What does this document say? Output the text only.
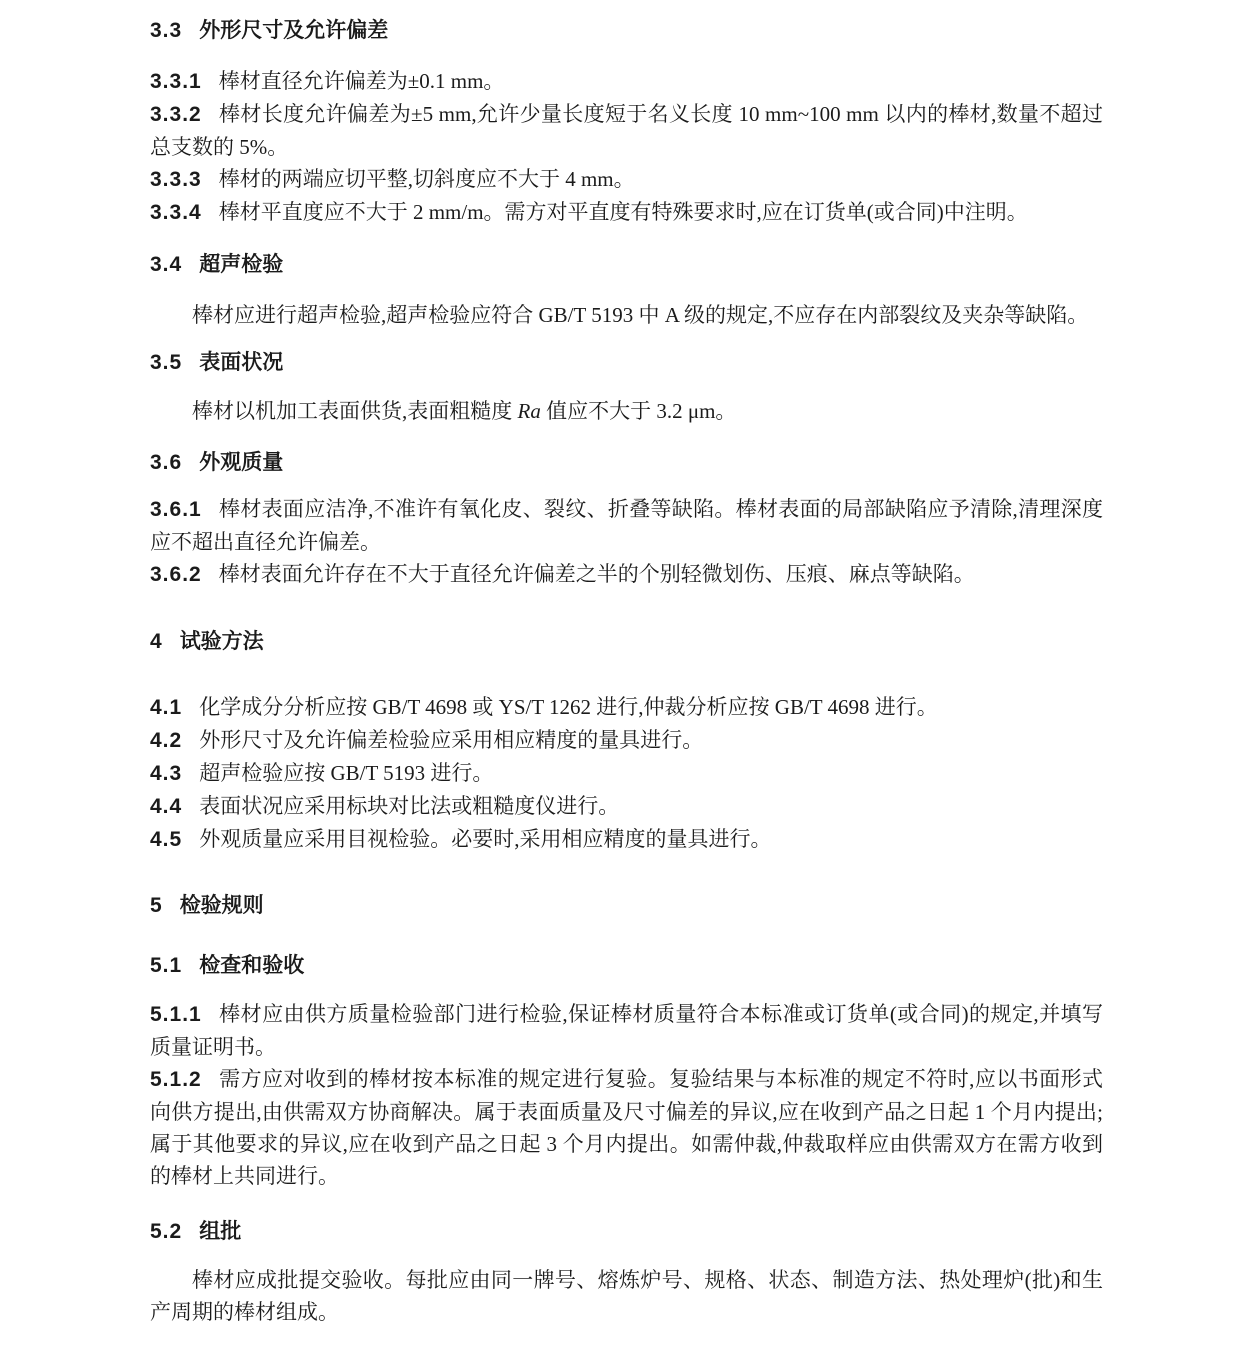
3.3 外形尺寸及允许偏差

3.3.1 棒材直径允许偏差为±0.1 mm。

3.3.2 棒材长度允许偏差为±5 mm,允许少量长度短于名义长度 10 mm~100 mm 以内的棒材,数量不超过总支数的 5%。

3.3.3 棒材的两端应切平整,切斜度应不大于 4 mm。

3.3.4 棒材平直度应不大于 2 mm/m。需方对平直度有特殊要求时,应在订货单(或合同)中注明。

3.4 超声检验

棒材应进行超声检验,超声检验应符合 GB/T 5193 中 A 级的规定,不应存在内部裂纹及夹杂等缺陷。

3.5 表面状况

棒材以机加工表面供货,表面粗糙度 Ra 值应不大于 3.2 μm。

3.6 外观质量

3.6.1 棒材表面应洁净,不准许有氧化皮、裂纹、折叠等缺陷。棒材表面的局部缺陷应予清除,清理深度应不超出直径允许偏差。

3.6.2 棒材表面允许存在不大于直径允许偏差之半的个别轻微划伤、压痕、麻点等缺陷。

4 试验方法

4.1 化学成分分析应按 GB/T 4698 或 YS/T 1262 进行,仲裁分析应按 GB/T 4698 进行。

4.2 外形尺寸及允许偏差检验应采用相应精度的量具进行。

4.3 超声检验应按 GB/T 5193 进行。

4.4 表面状况应采用标块对比法或粗糙度仪进行。

4.5 外观质量应采用目视检验。必要时,采用相应精度的量具进行。

5 检验规则
5.1 检查和验收

5.1.1 棒材应由供方质量检验部门进行检验,保证棒材质量符合本标准或订货单(或合同)的规定,并填写质量证明书。

5.1.2 需方应对收到的棒材按本标准的规定进行复验。复验结果与本标准的规定不符时,应以书面形式向供方提出,由供需双方协商解决。属于表面质量及尺寸偏差的异议,应在收到产品之日起 1 个月内提出;属于其他要求的异议,应在收到产品之日起 3 个月内提出。如需仲裁,仲裁取样应由供需双方在需方收到的棒材上共同进行。

5.2 组批

棒材应成批提交验收。每批应由同一牌号、熔炼炉号、规格、状态、制造方法、热处理炉(批)和生产周期的棒材组成。
